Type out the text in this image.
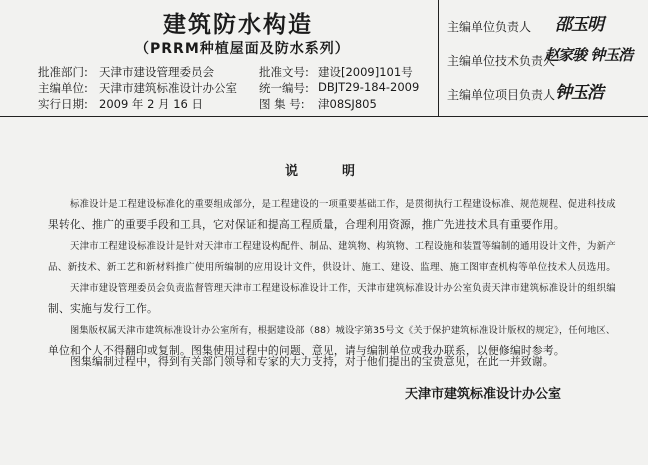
建筑防水构造
（PRRM种植屋面及防水系列）
批准部门: 天津市建设管理委员会
主编单位: 天津市建筑标准设计办公室
实行日期: 2009 年 2 月 16 日
批准文号: 建设[2009]101号
统一编号: DBJT29-184-2009
图 集 号: 津08SJ805
主编单位负责人 邵玉明
主编单位技术负责人
赵家骏 钟玉浩
主编单位项目负责人 钟玉浩
说	明
标准设计是工程建设标准化的重要组成部分，是工程建设的一项重要基础工作，是贯彻执行工程建设标准、规范规程、促进科技成
果转化、推广的重要手段和工具，它对保证和提高工程质量，合理利用资源，推广先进技术具有重要作用。
天津市工程建设标准设计是针对天津市工程建设构配件、制品、建筑物、构筑物、工程设施和装置等编制的通用设计文件，为新产
品、新技术、新工艺和新材料推广使用所编制的应用设计文件，供设计、施工、建设、监理、施工图审查机构等单位技术人员选用。
天津市建设管理委员会负责监督管理天津市工程建设标准设计工作，天津市建筑标准设计办公室负责天津市建筑标准设计的组织编
制、实施与发行工作。
图集版权属天津市建筑标准设计办公室所有，根据建设部（88）城设字第35号文《关于保护建筑标准设计版权的规定》，任何地区、
单位和个人不得翻印或复制。图集使用过程中的问题、意见，请与编制单位或我办联系，以便修编时参考。
图集编制过程中，得到有关部门领导和专家的大力支持，对于他们提出的宝贵意见，在此一并致谢。
天津市建筑标准设计办公室
